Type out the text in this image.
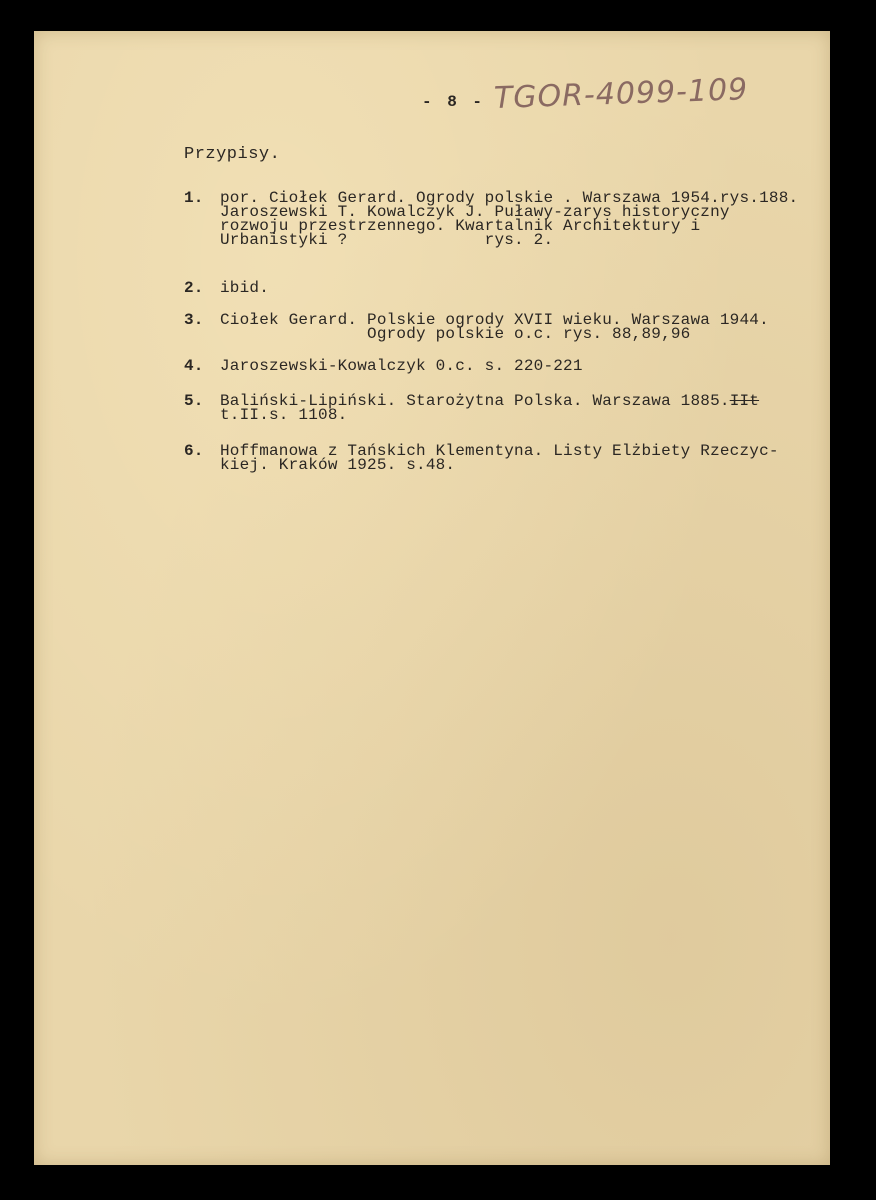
- 8 - TGOR-4099-109
Przypisy.
1.	por. Ciołek Gerard. Ogrody polskie . Warszawa 1954.rys.188.
Jaroszewski T. Kowalczyk J. Puławy-zarys historyczny
rozwoju przestrzennego. Kwartalnik Architektury i
Urbanistyki ?              rys. 2.
2.	ibid.
3.	Ciołek Gerard. Polskie ogrody XVII wieku. Warszawa 1944.
Ogrody polskie o.c. rys. 88,89,96
4.	Jaroszewski-Kowalczyk 0.c. s. 220-221
5.	Baliński-Lipiński. Starożytna Polska. Warszawa 1885.IIt
t.II.s. 1108.
6.	Hoffmanowa z Tańskich Klementyna. Listy Elżbiety Rzeczyc-
kiej. Kraków 1925. s.48.
